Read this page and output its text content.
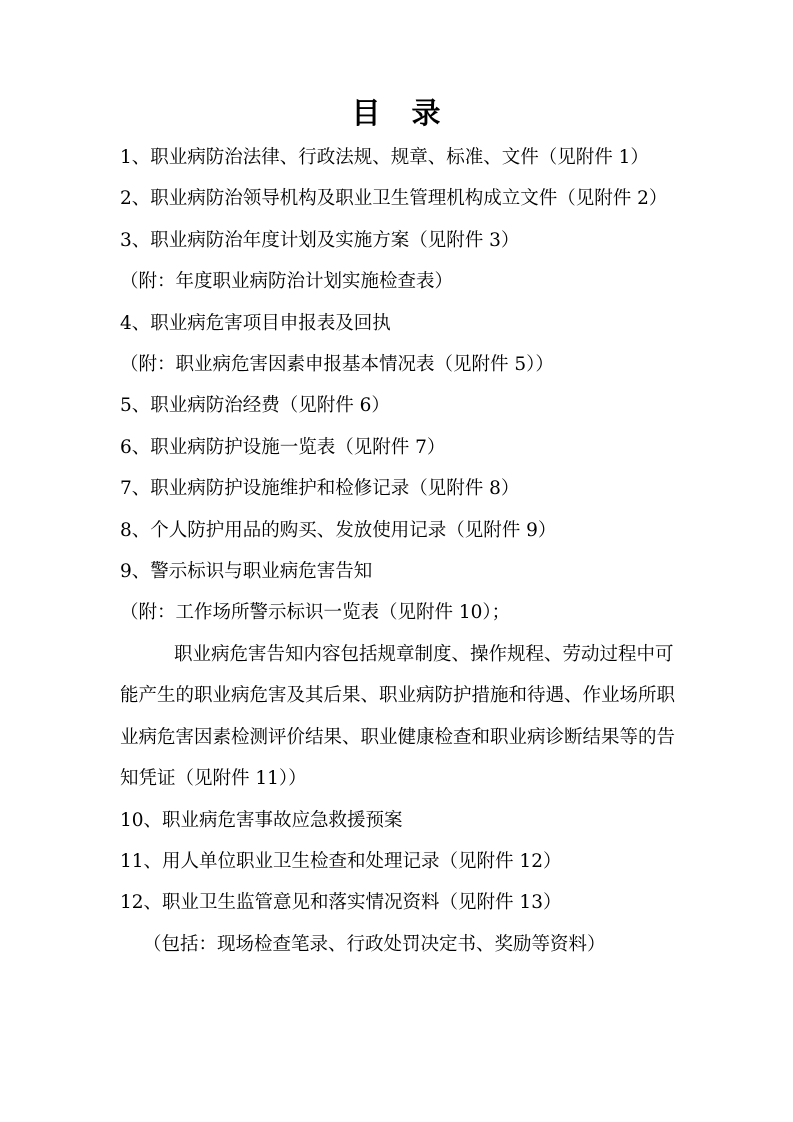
目　录
1、职业病防治法律、行政法规、规章、标准、文件（见附件 1）
2、职业病防治领导机构及职业卫生管理机构成立文件（见附件 2）
3、职业病防治年度计划及实施方案（见附件 3）
（附：年度职业病防治计划实施检查表）
4、职业病危害项目申报表及回执
（附：职业病危害因素申报基本情况表（见附件 5））
5、职业病防治经费（见附件 6）
6、职业病防护设施一览表（见附件 7）
7、职业病防护设施维护和检修记录（见附件 8）
8、个人防护用品的购买、发放使用记录（见附件 9）
9、警示标识与职业病危害告知
（附：工作场所警示标识一览表（见附件 10）；
职业病危害告知内容包括规章制度、操作规程、劳动过程中可
能产生的职业病危害及其后果、职业病防护措施和待遇、作业场所职
业病危害因素检测评价结果、职业健康检查和职业病诊断结果等的告
知凭证（见附件 11））
10、职业病危害事故应急救援预案
11、用人单位职业卫生检查和处理记录（见附件 12）
12、职业卫生监管意见和落实情况资料（见附件 13）
（包括：现场检查笔录、行政处罚决定书、奖励等资料）
